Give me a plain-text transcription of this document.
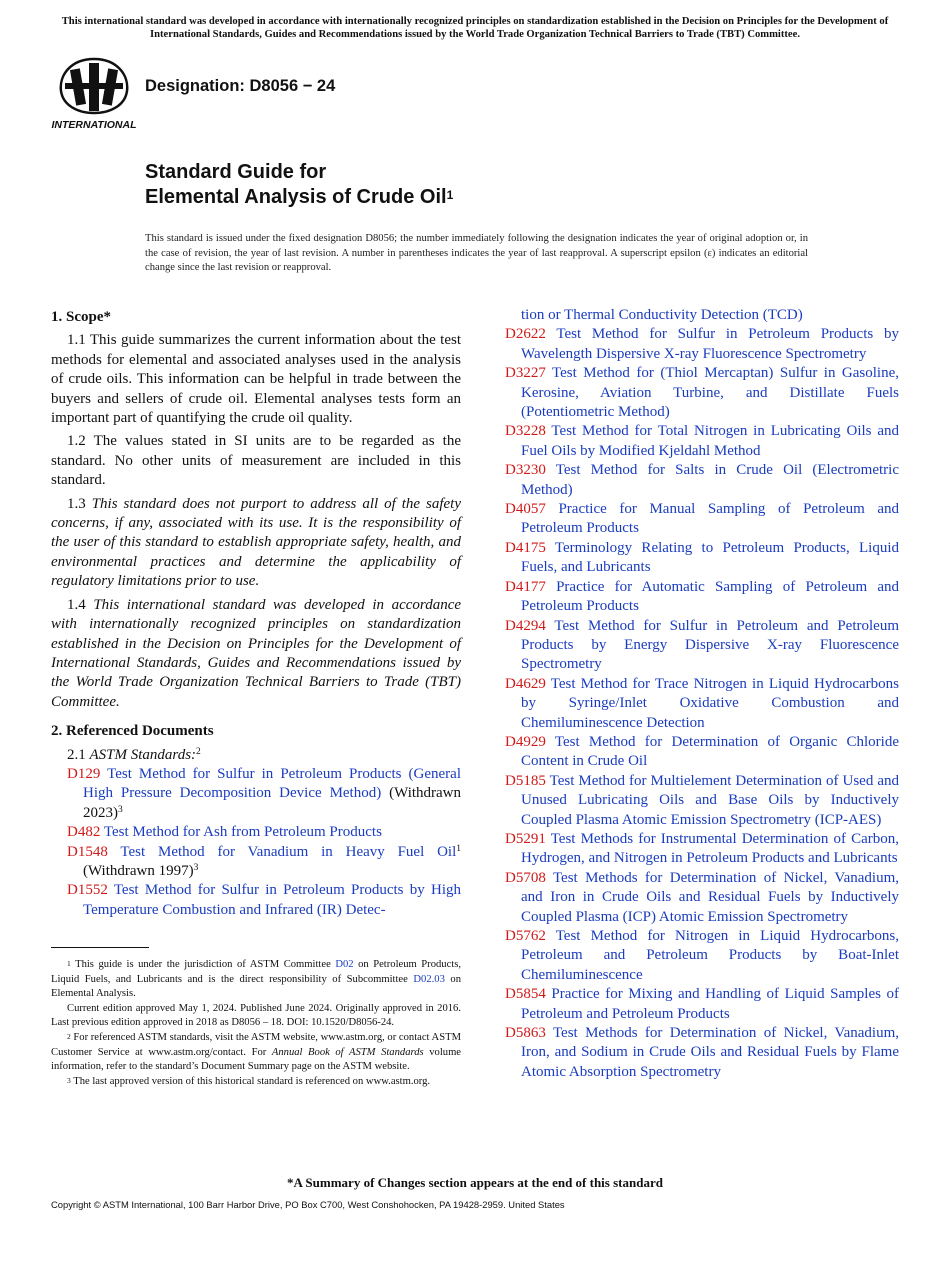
This international standard was developed in accordance with internationally recognized principles on standardization established in the Decision on Principles for the Development of International Standards, Guides and Recommendations issued by the World Trade Organization Technical Barriers to Trade (TBT) Committee.
INTERNATIONAL
Designation: D8056 − 24
Standard Guide for
Elemental Analysis of Crude Oil$^1$
This standard is issued under the fixed designation D8056; the number immediately following the designation indicates the year of original adoption or, in the case of revision, the year of last revision. A number in parentheses indicates the year of last reapproval. A superscript epsilon (ε) indicates an editorial change since the last revision or reapproval.
1. Scope*
1.1 This guide summarizes the current information about the test methods for elemental and associated analyses used in the analysis of crude oils. This information can be helpful in trade between the buyers and sellers of crude oil. Elemental analyses tests form an important part of quantifying the crude oil quality.
1.2 The values stated in SI units are to be regarded as the standard. No other units of measurement are included in this standard.
1.3 This standard does not purport to address all of the safety concerns, if any, associated with its use. It is the responsibility of the user of this standard to establish appropriate safety, health, and environmental practices and determine the applicability of regulatory limitations prior to use.
1.4 This international standard was developed in accordance with internationally recognized principles on standardization established in the Decision on Principles for the Development of International Standards, Guides and Recommendations issued by the World Trade Organization Technical Barriers to Trade (TBT) Committee.
2. Referenced Documents
2.1 ASTM Standards:$^2$
D129 Test Method for Sulfur in Petroleum Products (General High Pressure Decomposition Device Method) (Withdrawn 2023)$^3$
D482 Test Method for Ash from Petroleum Products
D1548 Test Method for Vanadium in Heavy Fuel Oil$^1$ (Withdrawn 1997)$^3$
D1552 Test Method for Sulfur in Petroleum Products by High Temperature Combustion and Infrared (IR) Detec-
tion or Thermal Conductivity Detection (TCD)
D2622 Test Method for Sulfur in Petroleum Products by Wavelength Dispersive X-ray Fluorescence Spectrometry
D3227 Test Method for (Thiol Mercaptan) Sulfur in Gasoline, Kerosine, Aviation Turbine, and Distillate Fuels (Potentiometric Method)
D3228 Test Method for Total Nitrogen in Lubricating Oils and Fuel Oils by Modified Kjeldahl Method
D3230 Test Method for Salts in Crude Oil (Electrometric Method)
D4057 Practice for Manual Sampling of Petroleum and Petroleum Products
D4175 Terminology Relating to Petroleum Products, Liquid Fuels, and Lubricants
D4177 Practice for Automatic Sampling of Petroleum and Petroleum Products
D4294 Test Method for Sulfur in Petroleum and Petroleum Products by Energy Dispersive X-ray Fluorescence Spectrometry
D4629 Test Method for Trace Nitrogen in Liquid Hydrocarbons by Syringe/Inlet Oxidative Combustion and Chemiluminescence Detection
D4929 Test Method for Determination of Organic Chloride Content in Crude Oil
D5185 Test Method for Multielement Determination of Used and Unused Lubricating Oils and Base Oils by Inductively Coupled Plasma Atomic Emission Spectrometry (ICP-AES)
D5291 Test Methods for Instrumental Determination of Carbon, Hydrogen, and Nitrogen in Petroleum Products and Lubricants
D5708 Test Methods for Determination of Nickel, Vanadium, and Iron in Crude Oils and Residual Fuels by Inductively Coupled Plasma (ICP) Atomic Emission Spectrometry
D5762 Test Method for Nitrogen in Liquid Hydrocarbons, Petroleum and Petroleum Products by Boat-Inlet Chemiluminescence
D5854 Practice for Mixing and Handling of Liquid Samples of Petroleum and Petroleum Products
D5863 Test Methods for Determination of Nickel, Vanadium, Iron, and Sodium in Crude Oils and Residual Fuels by Flame Atomic Absorption Spectrometry
$^1$ This guide is under the jurisdiction of ASTM Committee D02 on Petroleum Products, Liquid Fuels, and Lubricants and is the direct responsibility of Subcommittee D02.03 on Elemental Analysis.
Current edition approved May 1, 2024. Published June 2024. Originally approved in 2016. Last previous edition approved in 2018 as D8056 – 18. DOI: 10.1520/D8056-24.
$^2$ For referenced ASTM standards, visit the ASTM website, www.astm.org, or contact ASTM Customer Service at www.astm.org/contact. For Annual Book of ASTM Standards volume information, refer to the standard’s Document Summary page on the ASTM website.
$^3$ The last approved version of this historical standard is referenced on www.astm.org.
*A Summary of Changes section appears at the end of this standard
Copyright © ASTM International, 100 Barr Harbor Drive, PO Box C700, West Conshohocken, PA 19428-2959. United States
